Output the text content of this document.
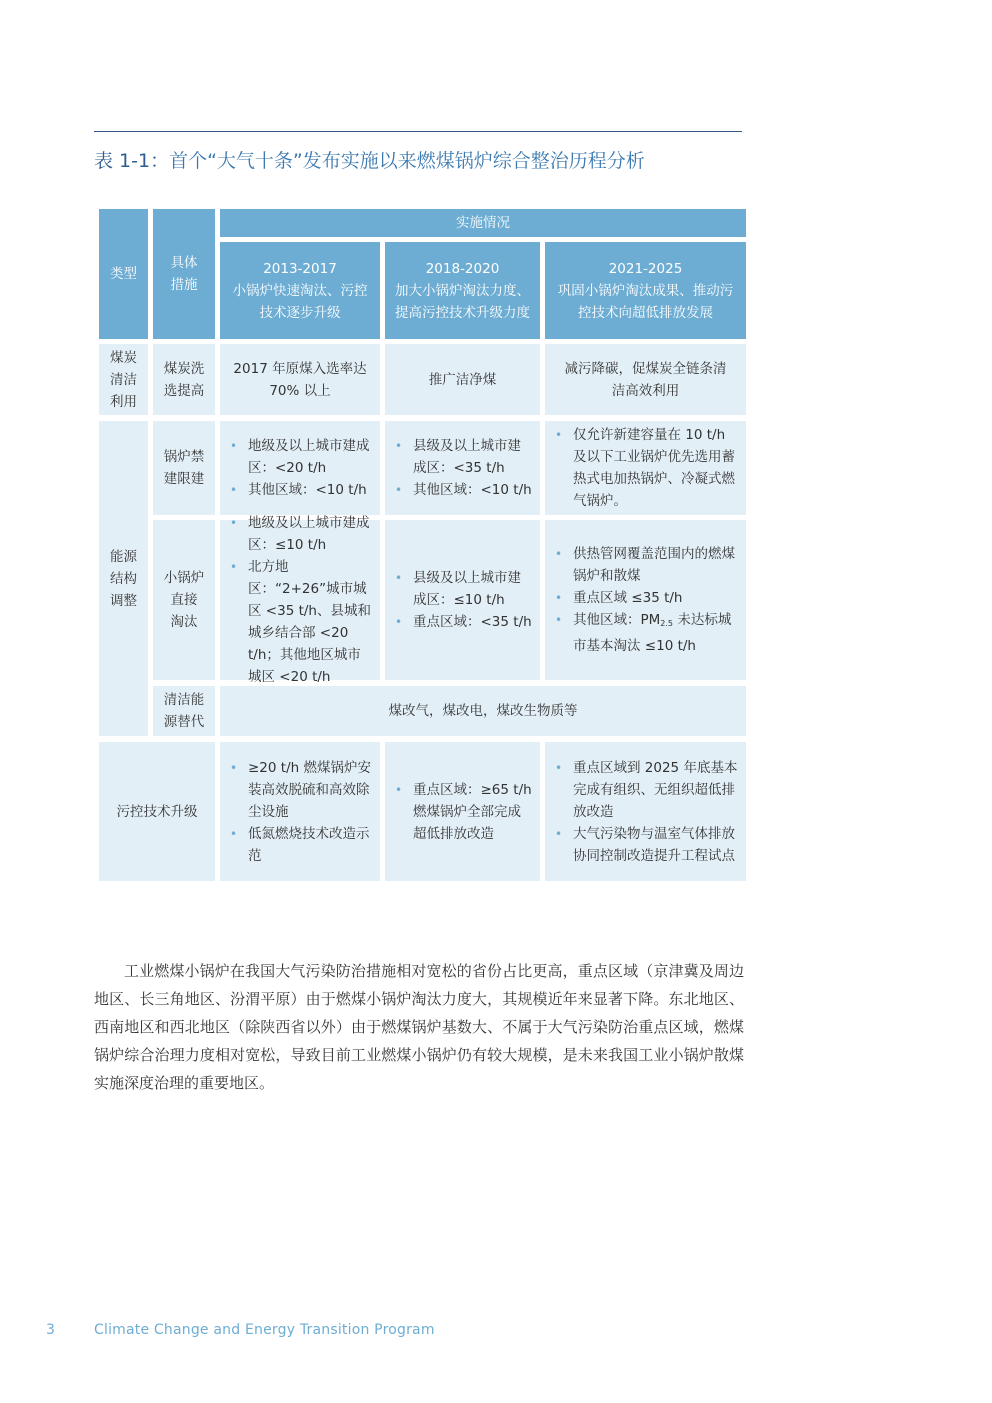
表 1-1：首个“大气十条”发布实施以来燃煤锅炉综合整治历程分析
类型
具体
措施
实施情况
2013-2017
小锅炉快速淘汰、污控技术逐步升级
2018-2020
加大小锅炉淘汰力度、提高污控技术升级力度
2021-2025
巩固小锅炉淘汰成果、推动污控技术向超低排放发展
煤炭
清洁
利用
煤炭洗
选提高
2017 年原煤入选率达
70% 以上
推广洁净煤
减污降碳，促煤炭全链条清
洁高效利用
能源
结构
调整
锅炉禁
建限建
• 地级及以上城市建成区：<20 t/h
• 其他区域：<10 t/h
• 县级及以上城市建成区：<35 t/h
• 其他区域：<10 t/h
• 仅允许新建容量在 10 t/h 及以下工业锅炉优先选用蓄热式电加热锅炉、冷凝式燃气锅炉。
小锅炉
直接
淘汰
• 地级及以上城市建成区：≤10 t/h
• 北方地区：“2+26”城市城区 <35 t/h、县城和城乡结合部 <20 t/h；其他地区城市城区 <20 t/h
• 县级及以上城市建成区：≤10 t/h
• 重点区域：<35 t/h
• 供热管网覆盖范围内的燃煤锅炉和散煤
• 重点区域 ≤35 t/h
• 其他区域：$PM_{2.5}$ 未达标城市基本淘汰 ≤10 t/h
清洁能
源替代
煤改气，煤改电，煤改生物质等
污控技术升级
• ≥20 t/h 燃煤锅炉安装高效脱硫和高效除尘设施
• 低氮燃烧技术改造示范
• 重点区域：≥65 t/h 燃煤锅炉全部完成超低排放改造
• 重点区域到 2025 年底基本完成有组织、无组织超低排放改造
• 大气污染物与温室气体排放协同控制改造提升工程试点

工业燃煤小锅炉在我国大气污染防治措施相对宽松的省份占比更高，重点区域（京津冀及周边地区、长三角地区、汾渭平原）由于燃煤小锅炉淘汰力度大，其规模近年来显著下降。东北地区、西南地区和西北地区（除陕西省以外）由于燃煤锅炉基数大、不属于大气污染防治重点区域，燃煤锅炉综合治理力度相对宽松，导致目前工业燃煤小锅炉仍有较大规模，是未来我国工业小锅炉散煤实施深度治理的重要地区。

3	Climate Change and Energy Transition Program
